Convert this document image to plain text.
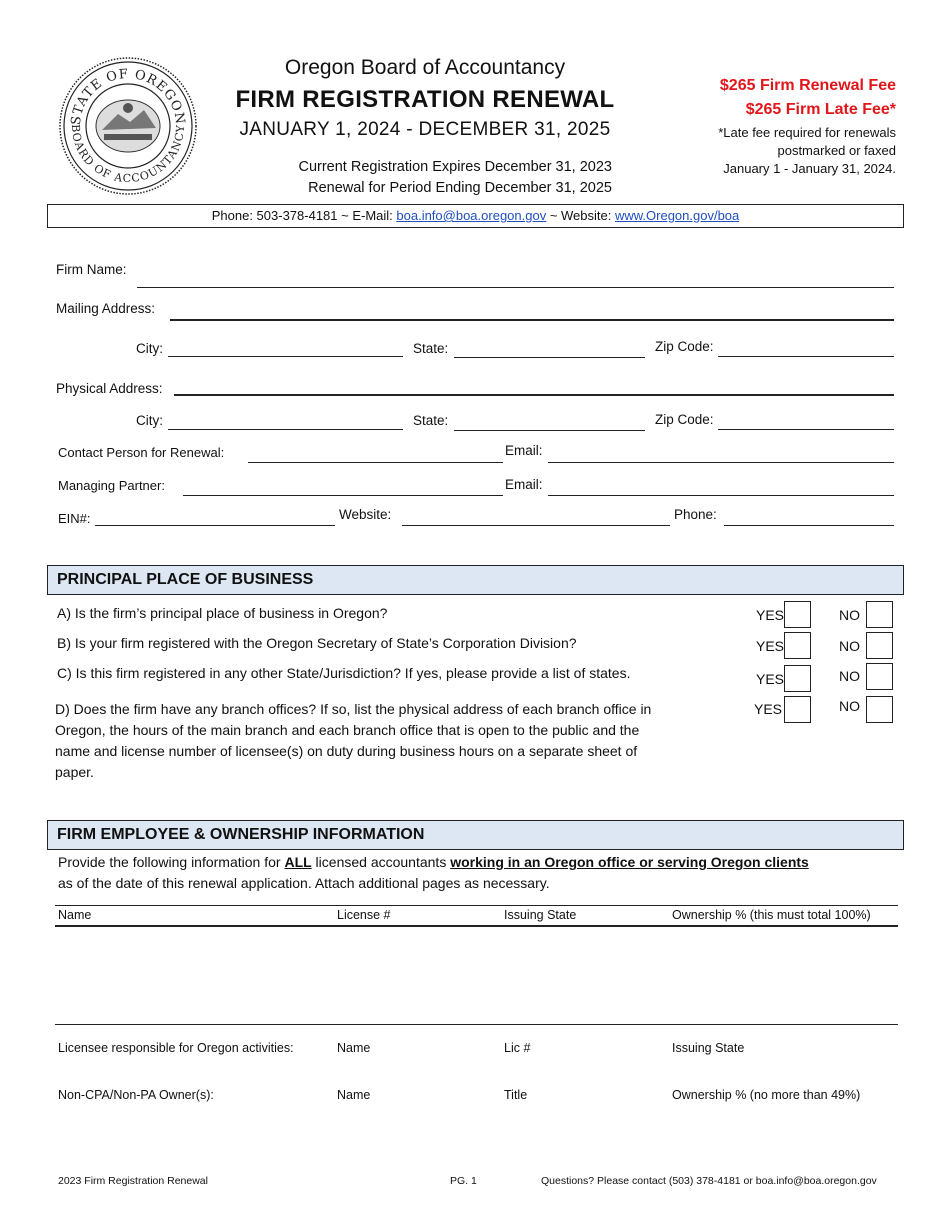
STATE OF OREGON
BOARD OF ACCOUNTANCY
Oregon Board of Accountancy
FIRM REGISTRATION RENEWAL
JANUARY 1, 2024 - DECEMBER 31, 2025
Current Registration Expires December 31, 2023
Renewal for Period Ending December 31, 2025
$265 Firm Renewal Fee
$265 Firm Late Fee*
*Late fee required for renewals
postmarked or faxed
January 1 - January 31, 2024.
Phone: 503-378-4181 ~ E-Mail: boa.info@boa.oregon.gov ~ Website: www.Oregon.gov/boa
Firm Name:
Mailing Address:
City:	State:	Zip Code:
Physical Address:
City:	State:	Zip Code:
Contact Person for Renewal:	Email:
Managing Partner:	Email:
EIN#:	Website:	Phone:
PRINCIPAL PLACE OF BUSINESS
A) Is the firm’s principal place of business in Oregon?	YES	NO
B) Is your firm registered with the Oregon Secretary of State’s Corporation Division?	YES	NO
C) Is this firm registered in any other State/Jurisdiction? If yes, please provide a list of states.	YES	NO
D) Does the firm have any branch offices? If so, list the physical address of each branch office in
Oregon, the hours of the main branch and each branch office that is open to the public and the
name and license number of licensee(s) on duty during business hours on a separate sheet of
paper.
YES	NO
FIRM EMPLOYEE & OWNERSHIP INFORMATION
Provide the following information for ALL licensed accountants working in an Oregon office or serving Oregon clients
as of the date of this renewal application. Attach additional pages as necessary.
Name	License #	Issuing State	Ownership % (this must total 100%)
Licensee responsible for Oregon activities:	Name	Lic #	Issuing State
Non-CPA/Non-PA Owner(s):	Name	Title	Ownership % (no more than 49%)
2023 Firm Registration Renewal	PG. 1	Questions? Please contact (503) 378-4181 or boa.info@boa.oregon.gov
